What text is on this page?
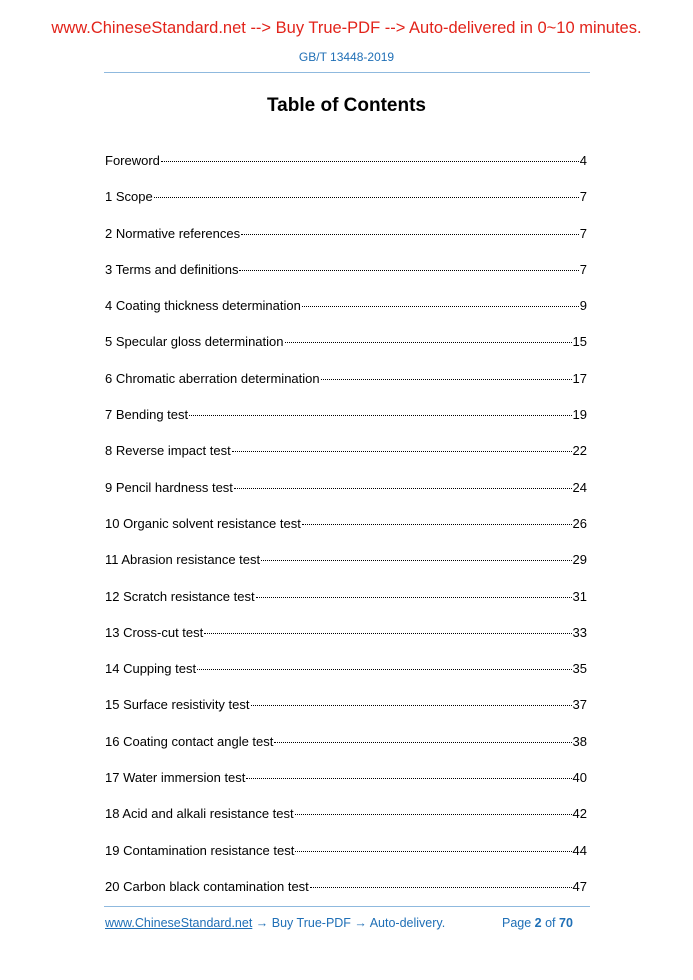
www.ChineseStandard.net --> Buy True-PDF --> Auto-delivered in 0~10 minutes.
GB/T 13448-2019
Table of Contents
Foreword	4
1 Scope	7
2 Normative references	7
3 Terms and definitions	7
4 Coating thickness determination	9
5 Specular gloss determination	15
6 Chromatic aberration determination	17
7 Bending test	19
8 Reverse impact test	22
9 Pencil hardness test	24
10 Organic solvent resistance test	26
11 Abrasion resistance test	29
12 Scratch resistance test	31
13 Cross-cut test	33
14 Cupping test	35
15 Surface resistivity test	37
16 Coating contact angle test	38
17 Water immersion test	40
18 Acid and alkali resistance test	42
19 Contamination resistance test	44
20 Carbon black contamination test	47
www.ChineseStandard.net → Buy True-PDF → Auto-delivery.	Page 2 of 70
